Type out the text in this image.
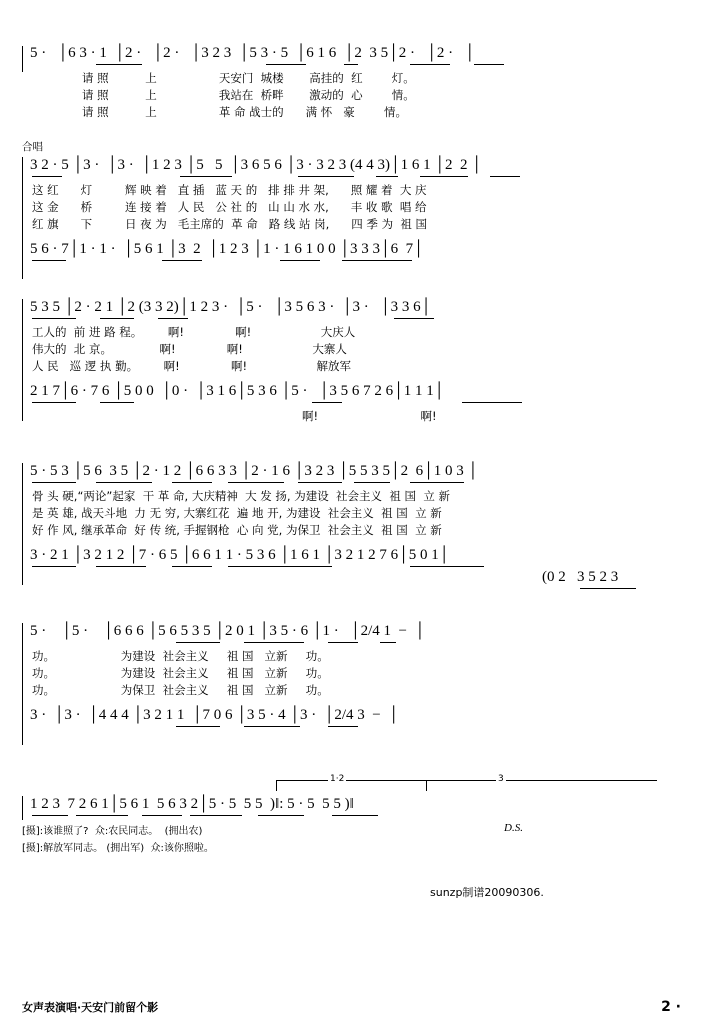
5 ·   │6 3 · 1  │2 ·   │2 ·   │3 2 3  │5 3 · 5  │6 1 6  │2  3 5│2 ·   │2 ·   │
请 照          上                 天安门  城楼       高挂的  红        灯。
请 照          上                 我站在  桥畔       激动的  心        情。
请 照          上                 革 命 战士的      满 怀   豪        情。
合唱
3 2 · 5 │3 ·  │3 ·  │1 2 3 │5   5  │3 6 5 6 │3 · 3 2 3 (4 4 3)│1 6 1 │2  2 │
这 红      灯         辉 映 着   直 插   蓝 天 的   排 排 井 架,      照 耀 着  大 庆
这 金      桥         连 接 着   人 民   公 社 的   山 山 水 水,      丰 收 歌  唱 给
红 旗      下         日 夜 为   毛主席的  革 命   路 线 站 岗,      四 季 为  祖 国
5 6 · 7│1 · 1 ·  │5 6 1 │3  2  │1 2 3 │1 · 1 6 1 0 0 │3 3 3│6  7│
5 3 5 │2 · 2 1 │2 (3 3 2)│1 2 3 ·  │5 ·   │3 5 6 3 ·  │3 ·   │3 3 6│
工人的  前 进 路 程。       啊!              啊!                   大庆人
伟大的  北 京。             啊!              啊!                   大寨人
人 民   巡 逻 执 勤。       啊!              啊!                   解放军
2 1 7│6 · 7 6 │5 0 0  │0 ·  │3 1 6│5 3 6 │5 ·   │3 5 6 7 2 6│1 1 1│
啊!                            啊!
5 · 5 3 │5 6  3 5 │2 · 1 2 │6 6 3 3 │2 · 1 6 │3 2 3 │5 5 3 5│2  6│1 0 3 │
骨 头 硬,“两论”起家  干 革 命, 大庆精神  大 发 扬, 为建设  社会主义  祖 国  立 新
是 英 雄, 战天斗地  力 无 穷, 大寨红花  遍 地 开, 为建设  社会主义  祖 国  立 新
好 作 风, 继承革命  好 传 统, 手握钢枪  心 向 党, 为保卫  社会主义  祖 国  立 新
3 · 2 1 │3 2 1 2 │7 · 6 5 │6 6 1 1 · 5 3 6 │1 6 1 │3 2 1 2 7 6│5 0 1│
(0 2   3 5 2 3
5 ·    │5 ·    │6 6 6 │5 6 5 3 5 │2 0 1 │3 5 · 6 │1 ·   │2/4 1  −  │
功。                  为建设  社会主义     祖 国   立新     功。
功。                  为建设  社会主义     祖 国   立新     功。
功。                  为保卫  社会主义     祖 国   立新     功。
3 ·  │3 ·  │4 4 4 │3 2 1 1  │7 0 6 │3 5 · 4 │3 ·  │2/4 3  −  │
1·2	3
1 2 3  7 2 6 1│5 6 1  5 6 3 2│5 · 5  5 5  )‖: 5 · 5  5 5 )‖
[摄]:该谁照了?  众:农民同志。  (拥出农)
[摄]:解放军同志。 (拥出军)  众:该你照啦。
D.S.
sunzp制谱20090306.
女声表演唱·天安门前留个影	2 ·
